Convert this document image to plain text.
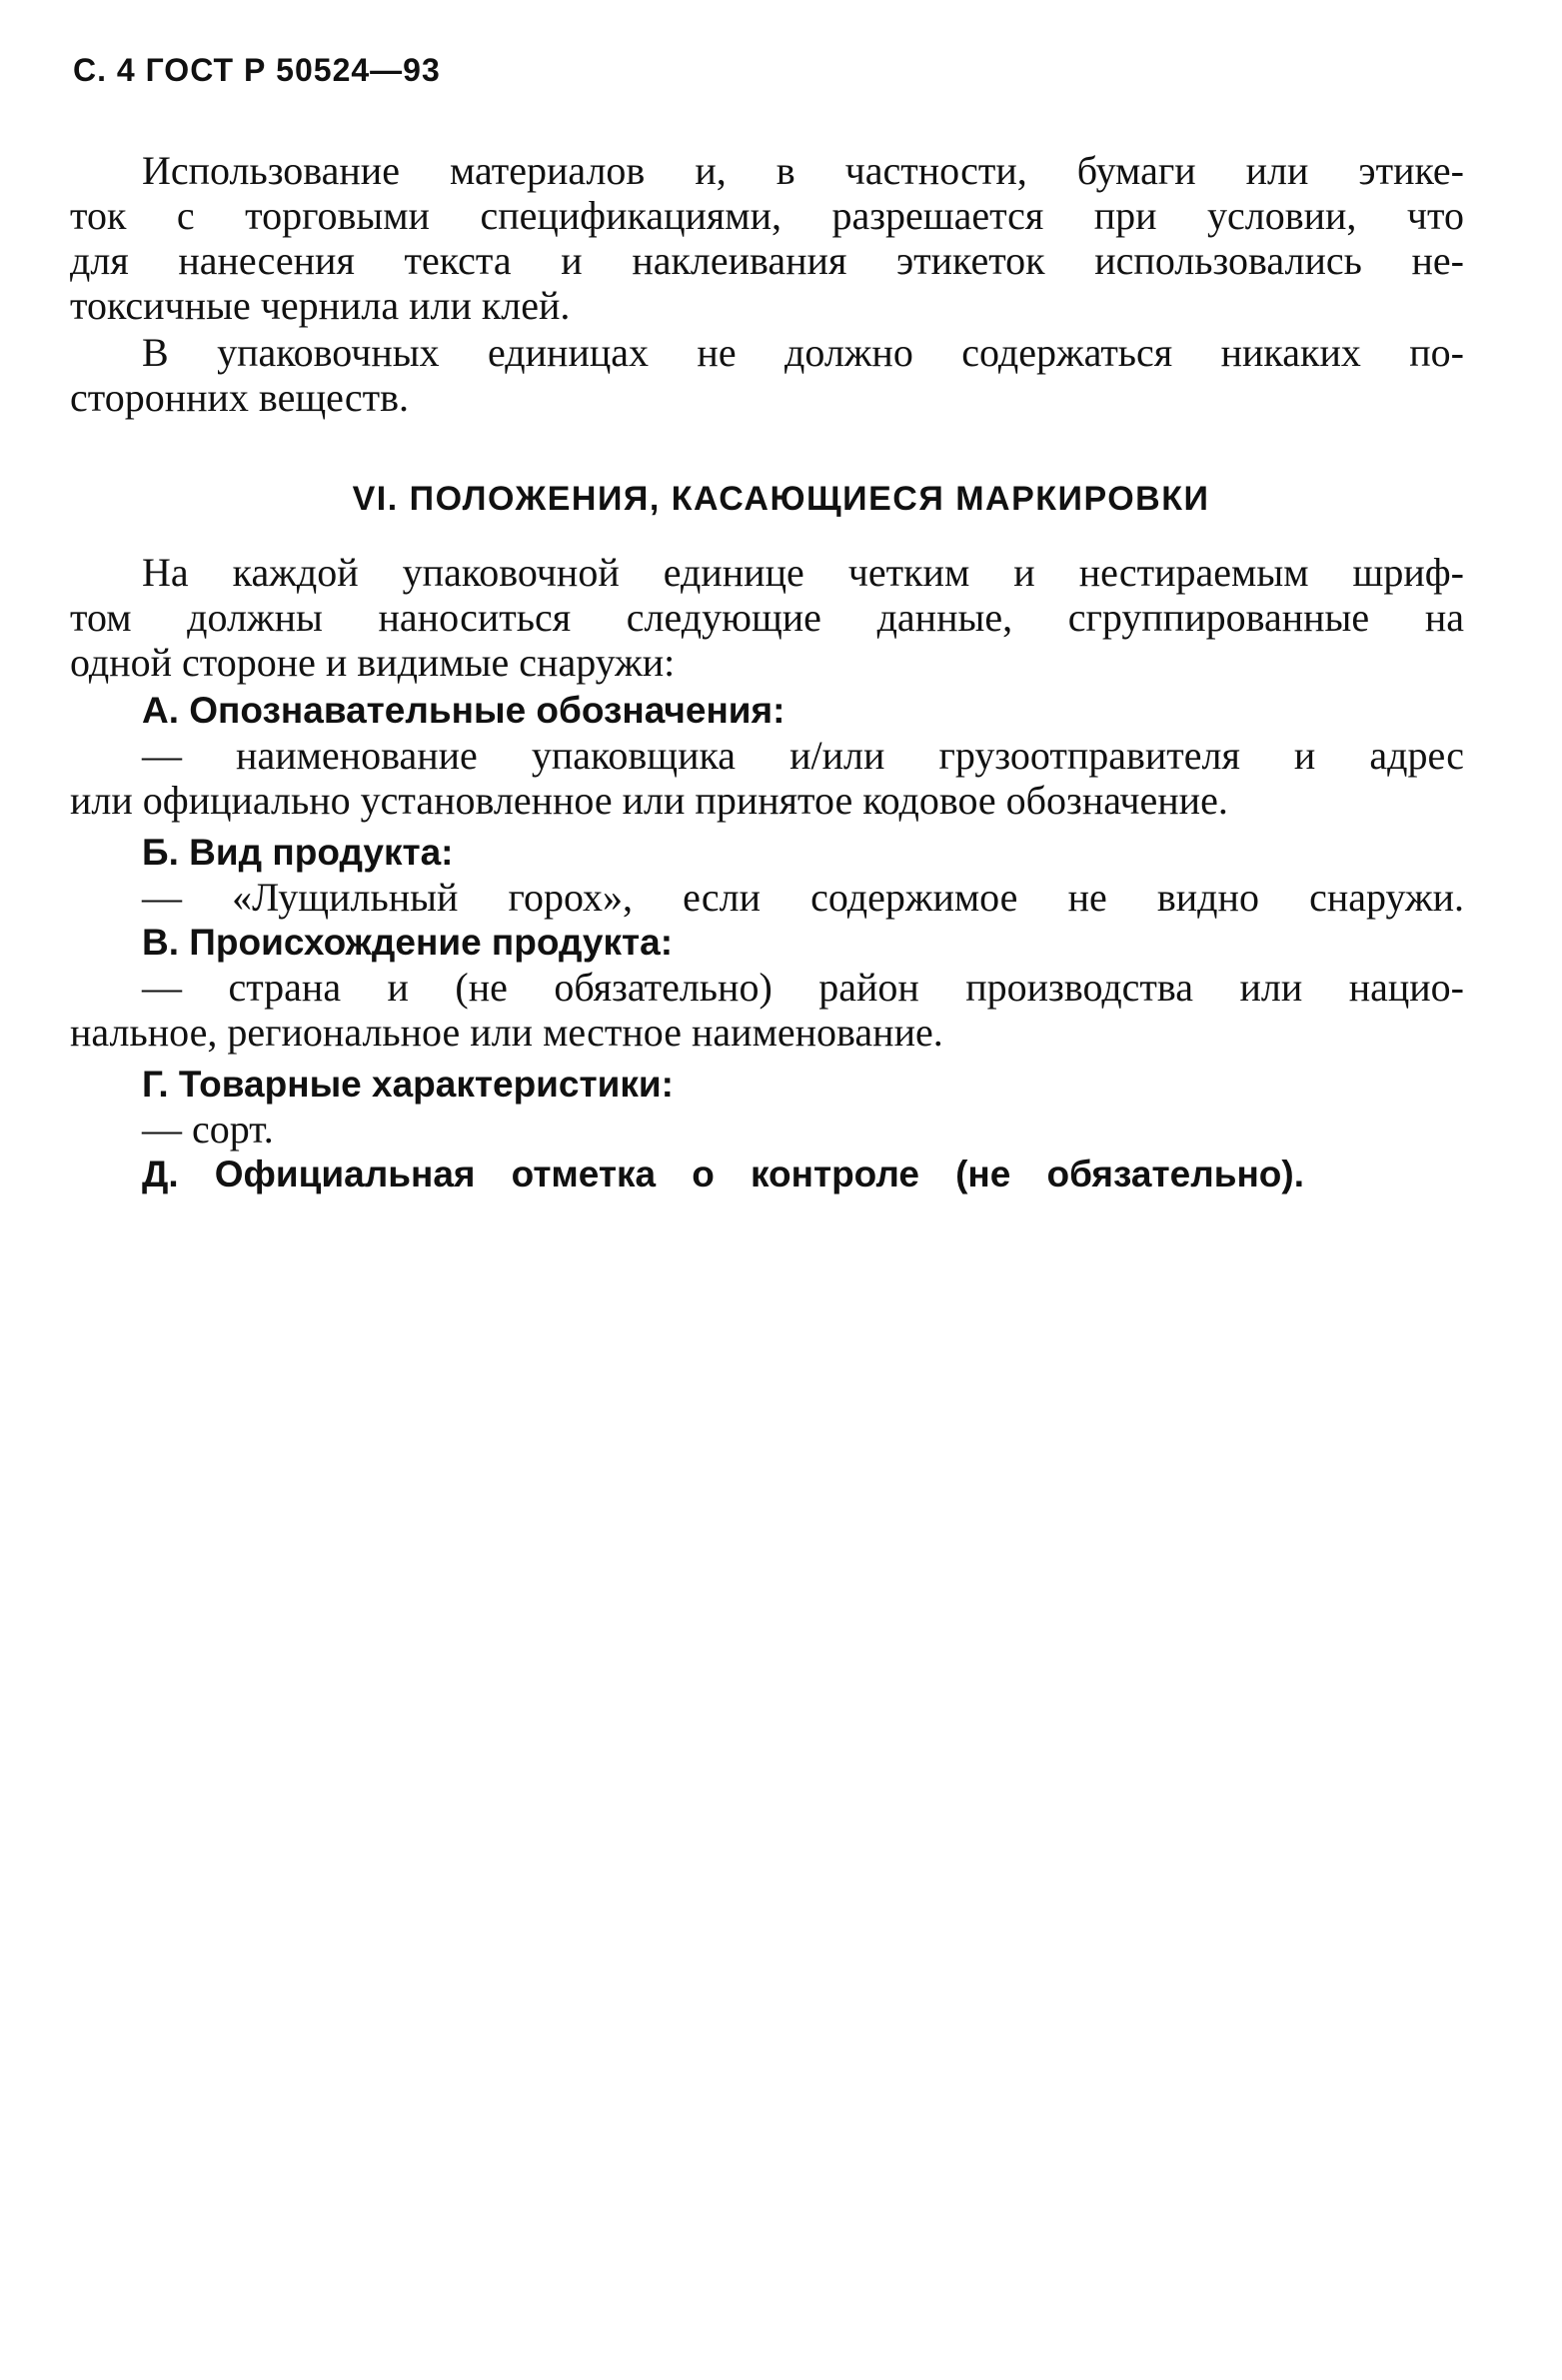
С. 4 ГОСТ Р 50524—93
Использование материалов и, в частности, бумаги или этике-
ток с торговыми спецификациями, разрешается при условии, что
для нанесения текста и наклеивания этикеток использовались не-
токсичные чернила или клей.
В упаковочных единицах не должно содержаться никаких по-
сторонних веществ.
VI. ПОЛОЖЕНИЯ, КАСАЮЩИЕСЯ МАРКИРОВКИ
На каждой упаковочной единице четким и нестираемым шриф-
том должны наноситься следующие данные, сгруппированные на
одной стороне и видимые снаружи:
А. Опознавательные обозначения:
— наименование упаковщика и/или грузоотправителя и адрес
или официально установленное или принятое кодовое обозначение.
Б. Вид продукта:
— «Лущильный горох», если содержимое не видно снаружи.
В. Происхождение продукта:
— страна и (не обязательно) район производства или нацио-
нальное, региональное или местное наименование.
Г. Товарные характеристики:
— сорт.
Д. Официальная отметка о контроле (не обязательно).
